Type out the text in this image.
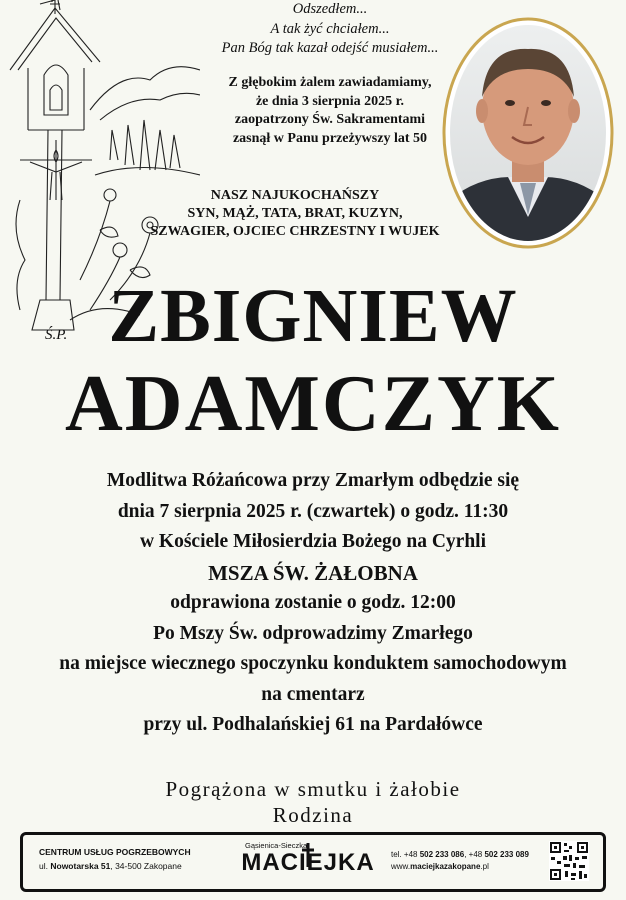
Odszedłem...
A tak żyć chciałem...
Pan Bóg tak kazał odejść musiałem...
Z głębokim żalem zawiadamiamy,
że dnia 3 sierpnia 2025 r.
zaopatrzony Św. Sakramentami
zasnął w Panu przeżywszy lat 50
NASZ NAJUKOCHAŃSZY
SYN, MĄŻ, TATA, BRAT, KUZYN,
SZWAGIER, OJCIEC CHRZESTNY I WUJEK
Ś.P. ZBIGNIEW
ADAMCZYK
Modlitwa Różańcowa przy Zmarłym odbędzie się
dnia 7 sierpnia 2025 r. (czwartek) o godz. 11:30
w Kościele Miłosierdzia Bożego na Cyrhli
MSZA ŚW. ŻAŁOBNA
odprawiona zostanie o godz. 12:00
Po Mszy Św. odprowadzimy Zmarłego
na miejsce wiecznego spoczynku konduktem samochodowym
na cmentarz
przy ul. Podhalańskiej 61 na Pardałówce
Pogrążona w smutku i żałobie
Rodzina
CENTRUM USŁUG POGRZEBOWYCH
ul. Nowotarska 51, 34-500 Zakopane
Gąsienica-Sieczka
MACIEJKA	tel. +48 502 233 086, +48 502 233 089
www.maciejkazakopane.pl
